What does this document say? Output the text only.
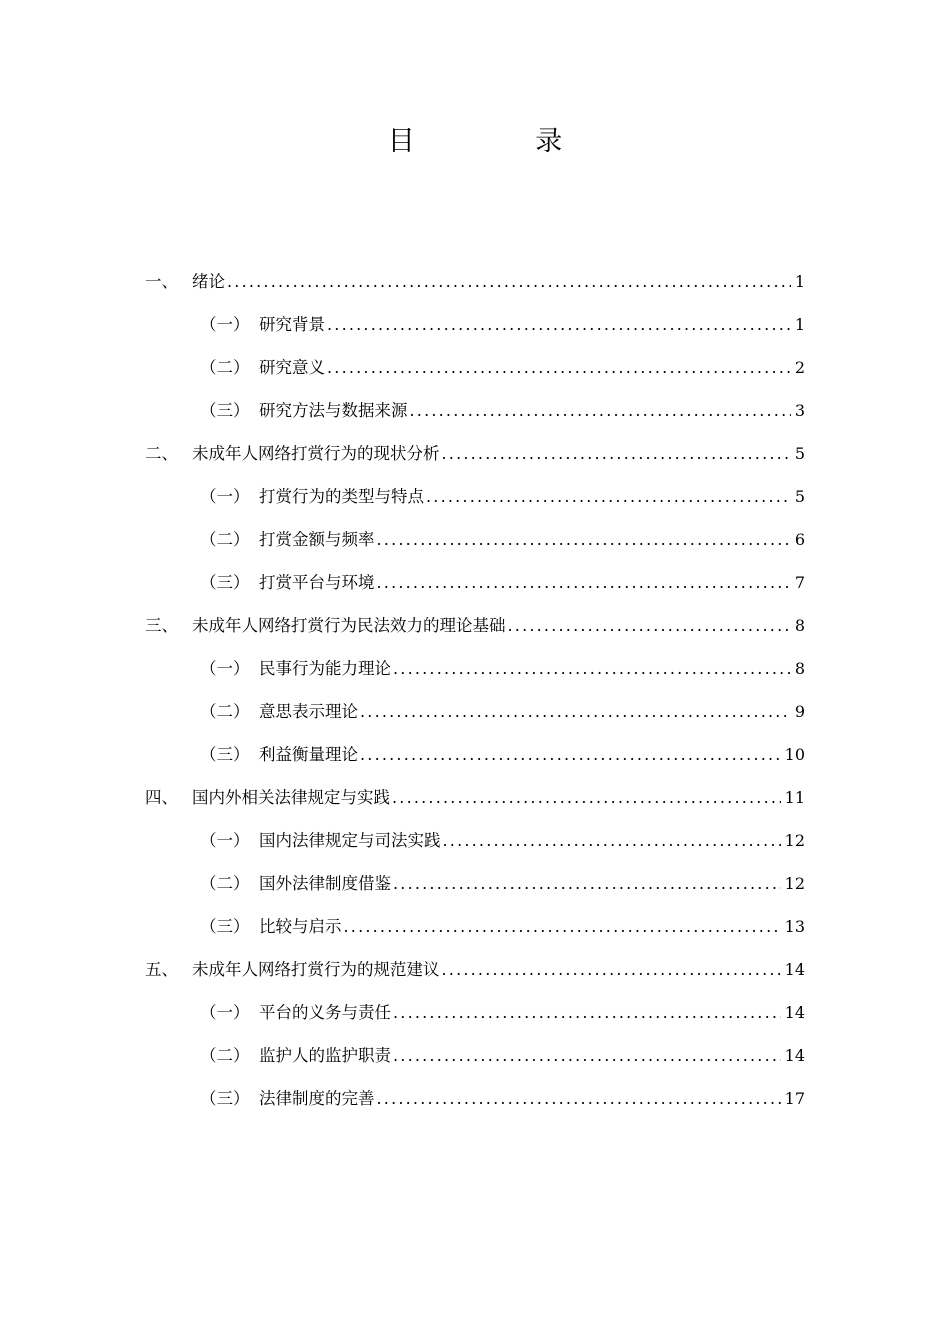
目 录
一、 绪论 .....	1
（一） 研究背景 .....	1
（二） 研究意义 .....	2
（三） 研究方法与数据来源 .....	3
二、 未成年人网络打赏行为的现状分析 .....	5
（一） 打赏行为的类型与特点 .....	5
（二） 打赏金额与频率 .....	6
（三） 打赏平台与环境 .....	7
三、 未成年人网络打赏行为民法效力的理论基础 .....	8
（一） 民事行为能力理论 .....	8
（二） 意思表示理论 .....	9
（三） 利益衡量理论 .....	10
四、 国内外相关法律规定与实践 .....	11
（一） 国内法律规定与司法实践 .....	12
（二） 国外法律制度借鉴 .....	12
（三） 比较与启示 .....	13
五、 未成年人网络打赏行为的规范建议 .....	14
（一） 平台的义务与责任 .....	14
（二） 监护人的监护职责 .....	14
（三） 法律制度的完善 .....	17
